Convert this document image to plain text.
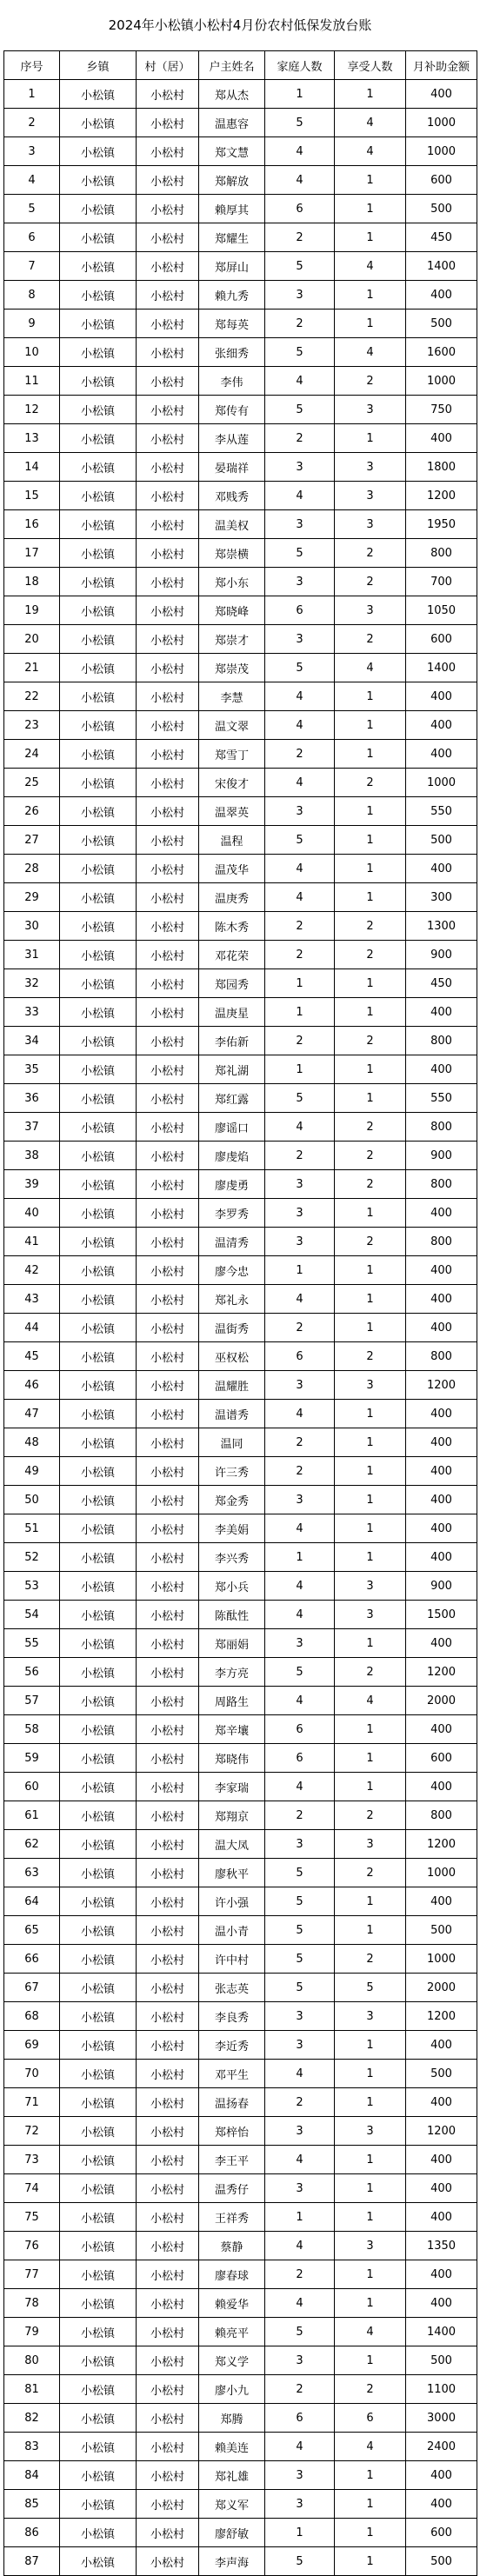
2024年小松镇小松村4月份农村低保发放台账
序号	乡镇	村（居）	户主姓名	家庭人数	享受人数	月补助金额
1	小松镇	小松村	郑从杰	1	1	400
2	小松镇	小松村	温惠容	5	4	1000
3	小松镇	小松村	郑文慧	4	4	1000
4	小松镇	小松村	郑解放	4	1	600
5	小松镇	小松村	赖厚其	6	1	500
6	小松镇	小松村	郑耀生	2	1	450
7	小松镇	小松村	郑屏山	5	4	1400
8	小松镇	小松村	赖九秀	3	1	400
9	小松镇	小松村	郑每英	2	1	500
10	小松镇	小松村	张细秀	5	4	1600
11	小松镇	小松村	李伟	4	2	1000
12	小松镇	小松村	郑传有	5	3	750
13	小松镇	小松村	李从莲	2	1	400
14	小松镇	小松村	晏瑞祥	3	3	1800
15	小松镇	小松村	邓贱秀	4	3	1200
16	小松镇	小松村	温美权	3	3	1950
17	小松镇	小松村	郑崇横	5	2	800
18	小松镇	小松村	郑小东	3	2	700
19	小松镇	小松村	郑晓峰	6	3	1050
20	小松镇	小松村	郑崇才	3	2	600
21	小松镇	小松村	郑崇茂	5	4	1400
22	小松镇	小松村	李慧	4	1	400
23	小松镇	小松村	温文翠	4	1	400
24	小松镇	小松村	郑雪丁	2	1	400
25	小松镇	小松村	宋俊才	4	2	1000
26	小松镇	小松村	温翠英	3	1	550
27	小松镇	小松村	温程	5	1	500
28	小松镇	小松村	温茂华	4	1	400
29	小松镇	小松村	温庚秀	4	1	300
30	小松镇	小松村	陈木秀	2	2	1300
31	小松镇	小松村	邓花荣	2	2	900
32	小松镇	小松村	郑园秀	1	1	450
33	小松镇	小松村	温庚星	1	1	400
34	小松镇	小松村	李佑新	2	2	800
35	小松镇	小松村	郑礼湖	1	1	400
36	小松镇	小松村	郑红露	5	1	550
37	小松镇	小松村	廖谣口	4	2	800
38	小松镇	小松村	廖虔焰	2	2	900
39	小松镇	小松村	廖虔勇	3	2	800
40	小松镇	小松村	李罗秀	3	1	400
41	小松镇	小松村	温清秀	3	2	800
42	小松镇	小松村	廖今忠	1	1	400
43	小松镇	小松村	郑礼永	4	1	400
44	小松镇	小松村	温街秀	2	1	400
45	小松镇	小松村	巫权松	6	2	800
46	小松镇	小松村	温耀胜	3	3	1200
47	小松镇	小松村	温谱秀	4	1	400
48	小松镇	小松村	温同	2	1	400
49	小松镇	小松村	许三秀	2	1	400
50	小松镇	小松村	郑金秀	3	1	400
51	小松镇	小松村	李美娟	4	1	400
52	小松镇	小松村	李兴秀	1	1	400
53	小松镇	小松村	郑小兵	4	3	900
54	小松镇	小松村	陈酞性	4	3	1500
55	小松镇	小松村	郑丽娟	3	1	400
56	小松镇	小松村	李方亮	5	2	1200
57	小松镇	小松村	周路生	4	4	2000
58	小松镇	小松村	郑辛壤	6	1	400
59	小松镇	小松村	郑晓伟	6	1	600
60	小松镇	小松村	李家瑞	4	1	400
61	小松镇	小松村	郑翔京	2	2	800
62	小松镇	小松村	温大凤	3	3	1200
63	小松镇	小松村	廖秋平	5	2	1000
64	小松镇	小松村	许小强	5	1	400
65	小松镇	小松村	温小青	5	1	500
66	小松镇	小松村	许中村	5	2	1000
67	小松镇	小松村	张志英	5	5	2000
68	小松镇	小松村	李良秀	3	3	1200
69	小松镇	小松村	李近秀	3	1	400
70	小松镇	小松村	邓平生	4	1	500
71	小松镇	小松村	温扬春	2	1	400
72	小松镇	小松村	郑梓怡	3	3	1200
73	小松镇	小松村	李王平	4	1	400
74	小松镇	小松村	温秀仔	3	1	400
75	小松镇	小松村	王祥秀	1	1	400
76	小松镇	小松村	蔡静	4	3	1350
77	小松镇	小松村	廖春球	2	1	400
78	小松镇	小松村	赖爱华	4	1	400
79	小松镇	小松村	赖亮平	5	4	1400
80	小松镇	小松村	郑义学	3	1	500
81	小松镇	小松村	廖小九	2	2	1100
82	小松镇	小松村	郑腾	6	6	3000
83	小松镇	小松村	赖美连	4	4	2400
84	小松镇	小松村	郑礼雄	3	1	400
85	小松镇	小松村	郑义军	3	1	400
86	小松镇	小松村	廖舒敏	1	1	600
87	小松镇	小松村	李声海	5	1	500
